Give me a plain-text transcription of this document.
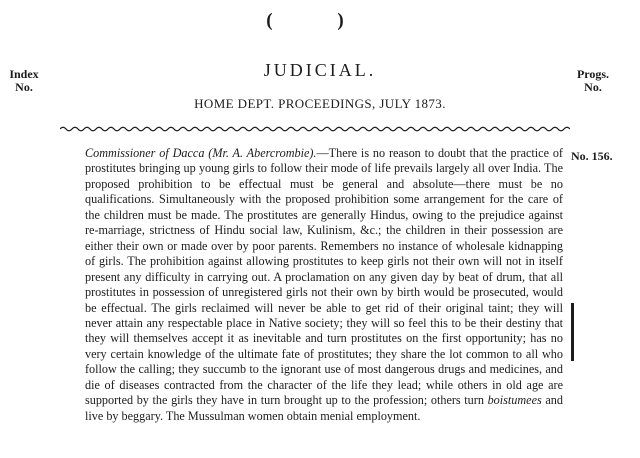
( )
Index No.
JUDICIAL.	Progs. No.
HOME DEPT. PROCEEDINGS, JULY 1873.

Commissioner of Dacca (Mr. A. Abercrombie).—There is no reason to doubt that the practice of prostitutes bringing up young girls to follow their mode of life prevails largely all over India. The proposed prohibition to be effectual must be general and absolute—there must be no qualifications. Simultaneously with the proposed prohibition some arrangement for the care of the children must be made. The prostitutes are generally Hindus, owing to the prejudice against re-marriage, strictness of Hindu social law, Kulinism, &c.; the children in their possession are either their own or made over by poor parents. Remembers no instance of wholesale kidnapping of girls. The prohibition against allowing prostitutes to keep girls not their own will not in itself present any difficulty in carrying out. A proclamation on any given day by beat of drum, that all prostitutes in possession of unregistered girls not their own by birth would be prosecuted, would be effectual. The girls reclaimed will never be able to get rid of their original taint; they will never attain any respectable place in Native society; they will so feel this to be their destiny that they will themselves accept it as inevitable and turn prostitutes on the first opportunity; has no very certain knowledge of the ultimate fate of prostitutes; they share the lot common to all who follow the calling; they succumb to the ignorant use of most dangerous drugs and medicines, and die of diseases contracted from the character of the life they lead; while others in old age are supported by the girls they have in turn brought up to the profession; others turn boistumees and live by beggary. The Mussulman women obtain menial employment.

No. 156.
